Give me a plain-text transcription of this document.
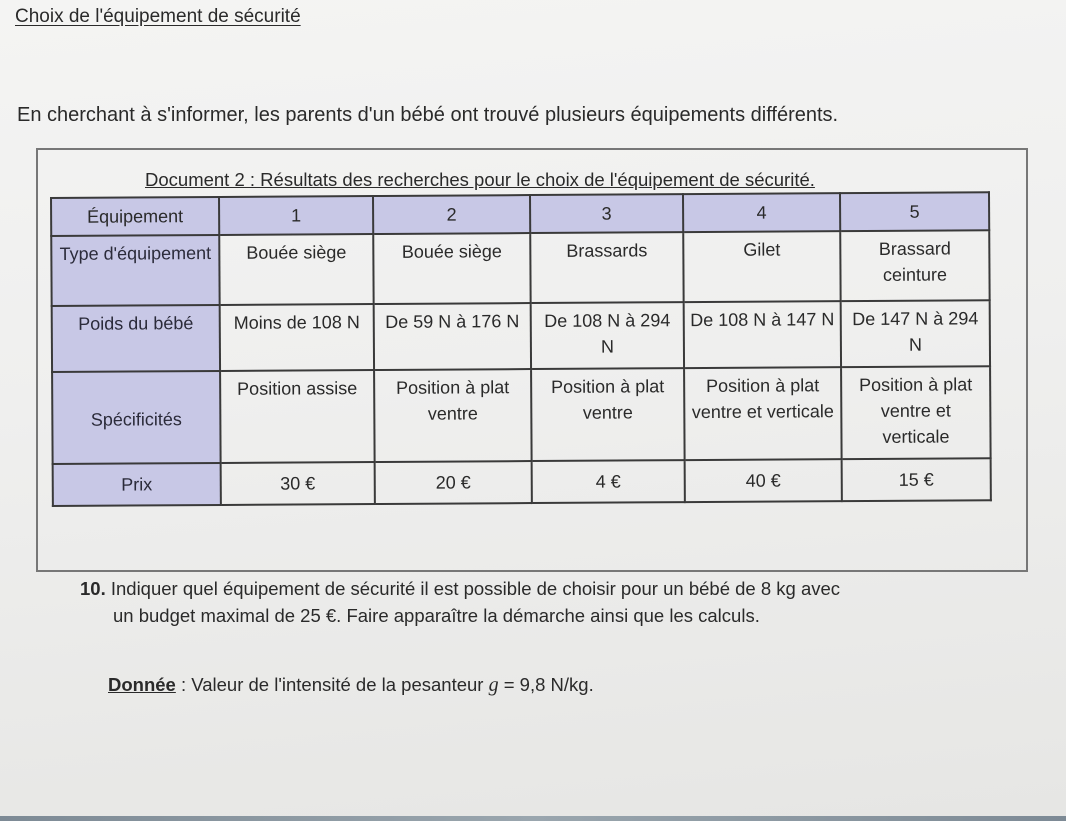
Choix de l'équipement de sécurité
En cherchant à s'informer, les parents d'un bébé ont trouvé plusieurs équipements différents.
Document 2 : Résultats des recherches pour le choix de l'équipement de sécurité.
Équipement	1	2	3	4	5
Type d'équipement	Bouée siège	Bouée siège	Brassards	Gilet	Brassard ceinture
Poids du bébé	Moins de 108 N	De 59 N à 176 N	De 108 N à 294 N	De 108 N à 147 N	De 147 N à 294 N
Spécificités	Position assise	Position à plat ventre	Position à plat ventre	Position à plat ventre et verticale	Position à plat ventre et verticale
Prix	30 €	20 €	4 €	40 €	15 €
10. Indiquer quel équipement de sécurité il est possible de choisir pour un bébé de 8 kg avec
un budget maximal de 25 €. Faire apparaître la démarche ainsi que les calculs.
Donnée : Valeur de l'intensité de la pesanteur g = 9,8 N/kg.
